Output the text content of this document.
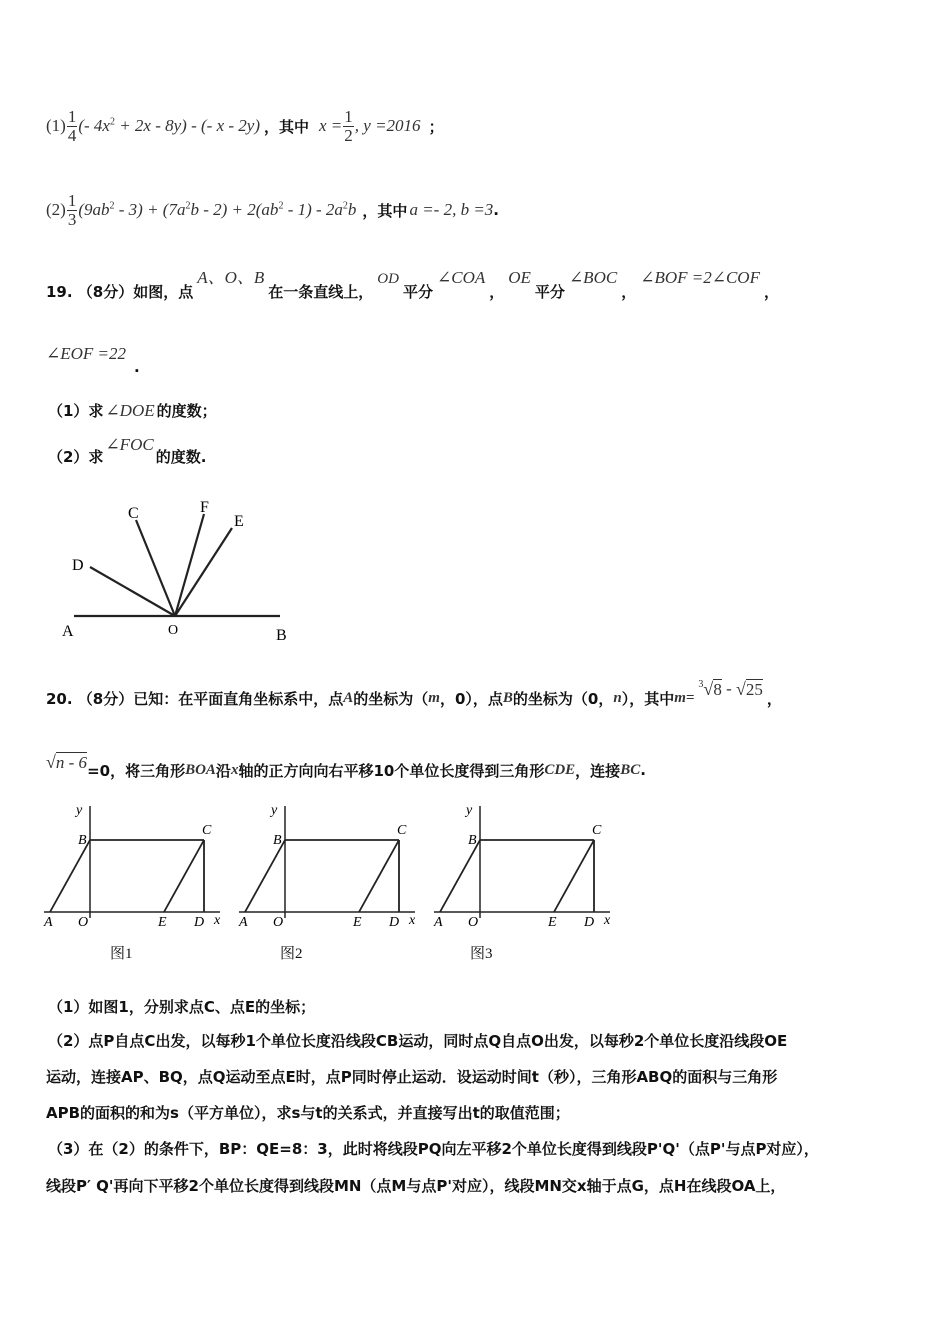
$(1) \frac{1}{4}$ (- $4x^2 + 2x - 8y$) - (- x - 2y) ，其中 $x = \frac{1}{2}$ , y =2016 ；
$(2) \frac{1}{3} (9ab^2 - 3) + (7a^2b - 2) + 2(ab^2 - 1) - 2a^2b$ ，其中 a =- 2, b =3 .
19. （8分）如图，点
A、O、B
在一条直线上，
OD
平分
∠COA
，
OE
平分
∠BOC
，
∠BOF =2∠COF
，
∠EOF =22
.
（1）求 ∠DOE 的度数；
（2）求
∠FOC
的度数.
A	O	B
C
D
E
F
20. （8分）已知：在平面直角坐标系中，点 A 的坐标为（ m ，0），点 B 的坐标为（0， n ），其中 m=
$^3$√8 - √25 ，
√n - 6 =0，将三角形 BOA 沿 x 轴的正方向向右平移10个单位长度得到三角形 CDE ，连接 BC .
y
B
C
A O	E D x
y
B
C
A O	E D x
y
B
C
A O	E D x
图1	图2	图3
（1）如图1，分别求点C、点E的坐标；
（2）点P自点C出发，以每秒1个单位长度沿线段CB运动，同时点Q自点O出发，以每秒2个单位长度沿线段OE
运动，连接AP、BQ，点Q运动至点E时，点P同时停止运动．设运动时间t（秒），三角形ABQ的面积与三角形
APB的面积的和为s（平方单位），求s与t的关系式，并直接写出t的取值范围；
（3）在（2）的条件下，BP：QE=8：3，此时将线段PQ向左平移2个单位长度得到线段P'Q'（点P'与点P对应），
线段P′ Q'再向下平移2个单位长度得到线段MN（点M与点P'对应），线段MN交x轴于点G，点H在线段OA上，
